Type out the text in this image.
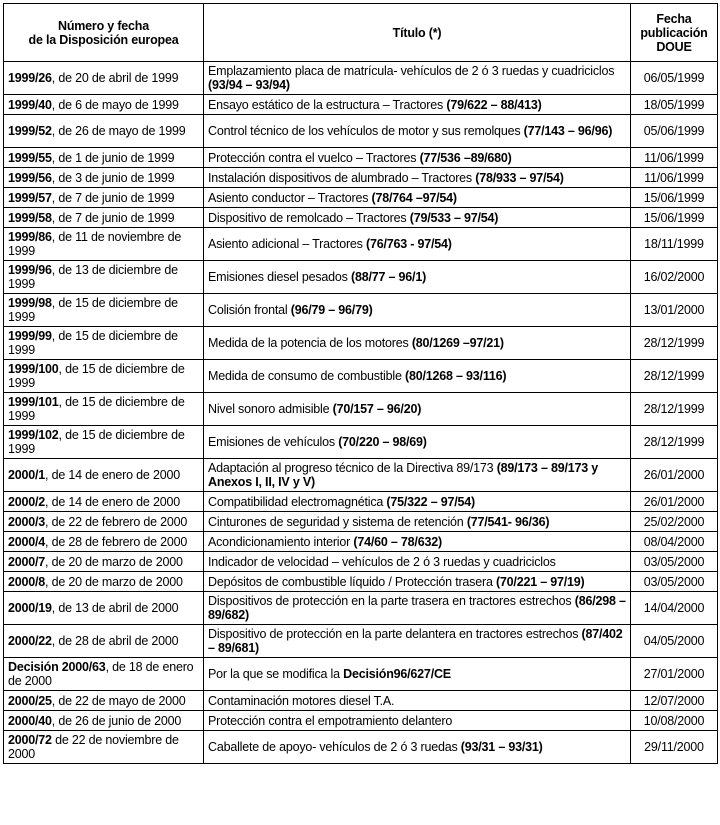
Número y fecha
de la Disposición europea	Título (*)	Fecha
publicación
DOUE
1999/26, de 20 de abril de 1999	Emplazamiento placa de matrícula- vehículos de 2 ó 3 ruedas y cuadriciclos (93/94 – 93/94)	06/05/1999
1999/40, de 6 de mayo de 1999	Ensayo estático de la estructura – Tractores (79/622 – 88/413)	18/05/1999
1999/52, de 26 de mayo de 1999	Control técnico de los vehículos de motor y sus remolques (77/143 – 96/96)	05/06/1999
1999/55, de 1 de junio de 1999	Protección contra el vuelco – Tractores (77/536 –89/680)	11/06/1999
1999/56, de 3 de junio de 1999	Instalación dispositivos de alumbrado – Tractores (78/933 – 97/54)	11/06/1999
1999/57, de 7 de junio de 1999	Asiento conductor – Tractores (78/764 –97/54)	15/06/1999
1999/58, de 7 de junio de 1999	Dispositivo de remolcado – Tractores (79/533 – 97/54)	15/06/1999
1999/86, de 11 de noviembre de 1999	Asiento adicional – Tractores (76/763 - 97/54)	18/11/1999
1999/96, de 13 de diciembre de 1999	Emisiones diesel pesados (88/77 – 96/1)	16/02/2000
1999/98, de 15 de diciembre de 1999	Colisión frontal (96/79 – 96/79)	13/01/2000
1999/99, de 15 de diciembre de 1999	Medida de la potencia de los motores (80/1269 –97/21)	28/12/1999
1999/100, de 15 de diciembre de 1999	Medida de consumo de combustible (80/1268 – 93/116)	28/12/1999
1999/101, de 15 de diciembre de 1999	Nivel sonoro admisible (70/157 – 96/20)	28/12/1999
1999/102, de 15 de diciembre de 1999	Emisiones de vehículos (70/220 – 98/69)	28/12/1999
2000/1, de 14 de enero de 2000	Adaptación al progreso técnico de la Directiva 89/173 (89/173 – 89/173 y Anexos I, II, IV y V)	26/01/2000
2000/2, de 14 de enero de 2000	Compatibilidad electromagnética (75/322 – 97/54)	26/01/2000
2000/3, de 22 de febrero de 2000	Cinturones de seguridad y sistema de retención (77/541- 96/36)	25/02/2000
2000/4, de 28 de febrero de 2000	Acondicionamiento interior (74/60 – 78/632)	08/04/2000
2000/7, de 20 de marzo de 2000	Indicador de velocidad – vehículos de 2 ó 3 ruedas y cuadriciclos	03/05/2000
2000/8, de 20 de marzo de 2000	Depósitos de combustible líquido / Protección trasera (70/221 – 97/19)	03/05/2000
2000/19, de 13 de abril de 2000	Dispositivos de protección en la parte trasera en tractores estrechos (86/298 –89/682)	14/04/2000
2000/22, de 28 de abril de 2000	Dispositivo de protección en la parte delantera en tractores estrechos (87/402 – 89/681)	04/05/2000
Decisión 2000/63, de 18 de enero de 2000	Por la que se modifica la Decisión96/627/CE	27/01/2000
2000/25, de 22 de mayo de 2000	Contaminación motores diesel T.A.	12/07/2000
2000/40, de 26 de junio de 2000	Protección contra el empotramiento delantero	10/08/2000
2000/72 de 22 de noviembre de 2000	Caballete de apoyo- vehículos de 2 ó 3 ruedas (93/31 – 93/31)	29/11/2000
